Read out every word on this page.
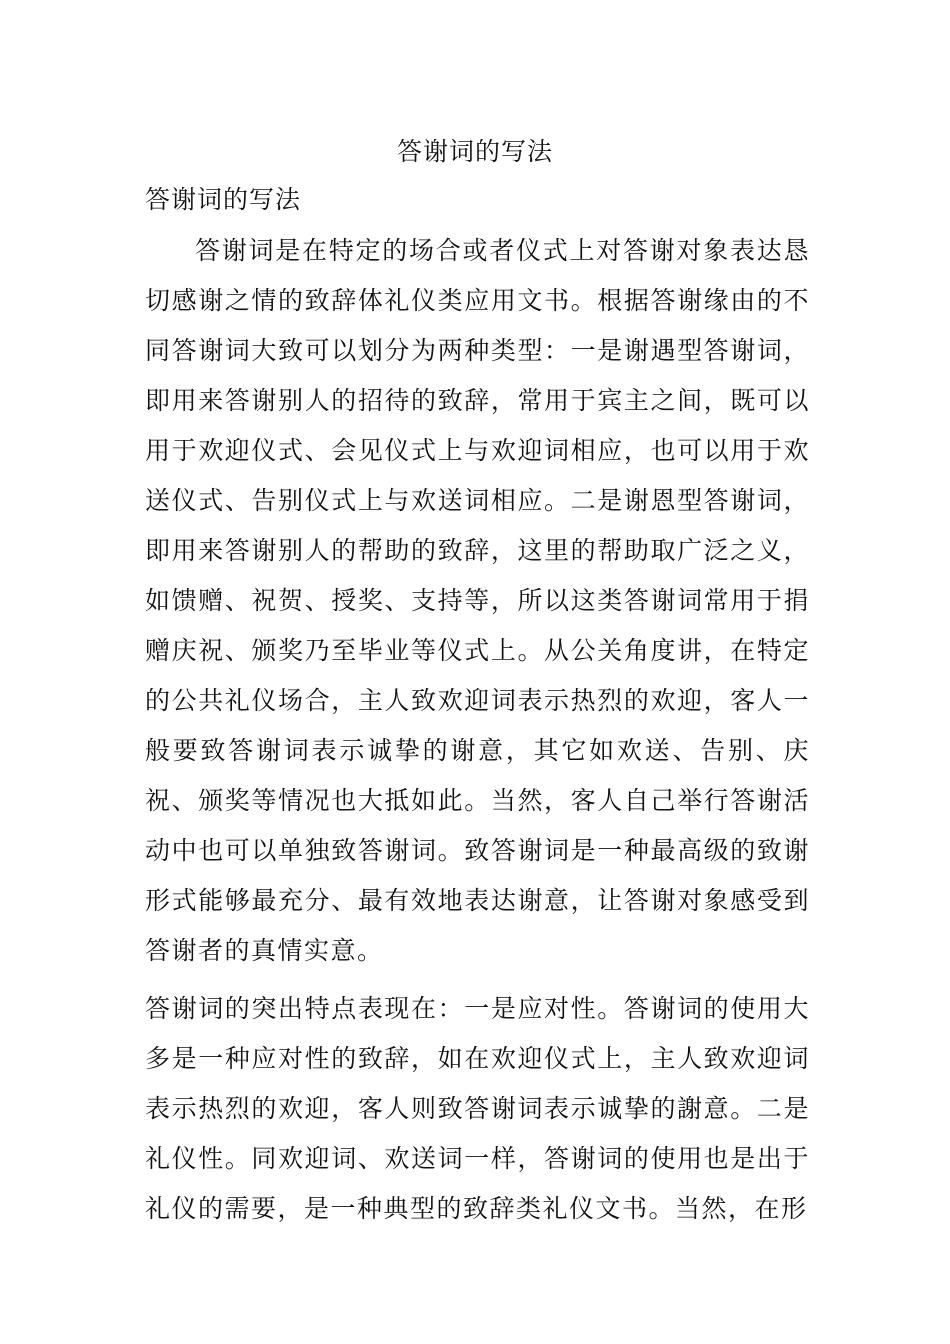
答谢词的写法
答谢词的写法

答谢词是在特定的场合或者仪式上对答谢对象表达恳切感谢之情的致辞体礼仪类应用文书。根据答谢缘由的不同答谢词大致可以划分为两种类型：一是谢遇型答谢词，即用来答谢别人的招待的致辞，常用于宾主之间，既可以用于欢迎仪式、会见仪式上与欢迎词相应，也可以用于欢送仪式、告别仪式上与欢送词相应。二是谢恩型答谢词，即用来答谢别人的帮助的致辞，这里的帮助取广泛之义，如馈赠、祝贺、授奖、支持等，所以这类答谢词常用于捐赠庆祝、颁奖乃至毕业等仪式上。从公关角度讲，在特定的公共礼仪场合，主人致欢迎词表示热烈的欢迎，客人一般要致答谢词表示诚挚的谢意，其它如欢送、告别、庆祝、颁奖等情况也大抵如此。当然，客人自己举行答谢活动中也可以单独致答谢词。致答谢词是一种最高级的致谢形式能够最充分、最有效地表达谢意，让答谢对象感受到答谢者的真情实意。

答谢词的突出特点表现在：一是应对性。答谢词的使用大多是一种应对性的致辞，如在欢迎仪式上，主人致欢迎词表示热烈的欢迎，客人则致答谢词表示诚挚的謝意。二是礼仪性。同欢迎词、欢送词一样，答谢词的使用也是出于礼仪的需要，是一种典型的致辞类礼仪文书。当然，在形
